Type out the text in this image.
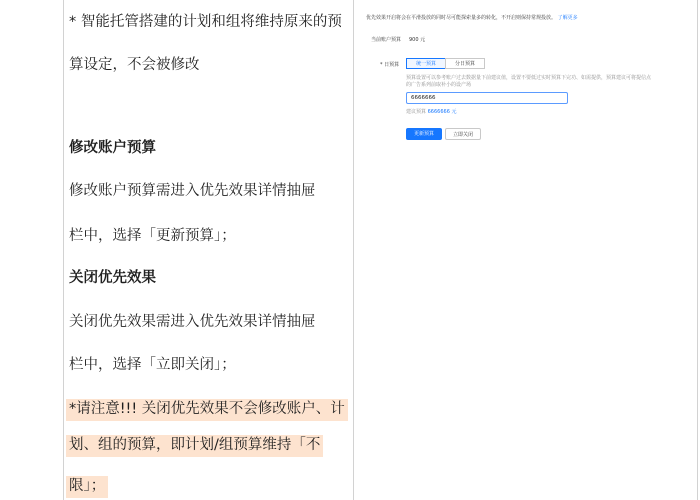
* 智能托管搭建的计划和组将维持原来的预
算设定，不会被修改
修改账户预算
修改账户预算需进入优先效果详情抽屉
栏中，选择「更新预算」；
关闭优先效果
关闭优先效果需进入优先效果详情抽屉
栏中，选择「立即关闭」；
*请注意!!! 关闭优先效果不会修改账户、计
划、组的预算，即计划/组预算维持「不
限」；
优先效果开启将会在平滑投放的同时尽可能探索量多的转化，不开启则保持常规投放。 了解更多
当前账户预算 900 元
* 日预算	统一预算	分日预算
预算设置可以参考账户过去数据量下前建议值，设置不要低过实时预算下完功、如需提供，预算建议可将提信点
的广告系列前取补小的设产场
6666666
建议预算 6666666 元
更新预算	立即关闭
